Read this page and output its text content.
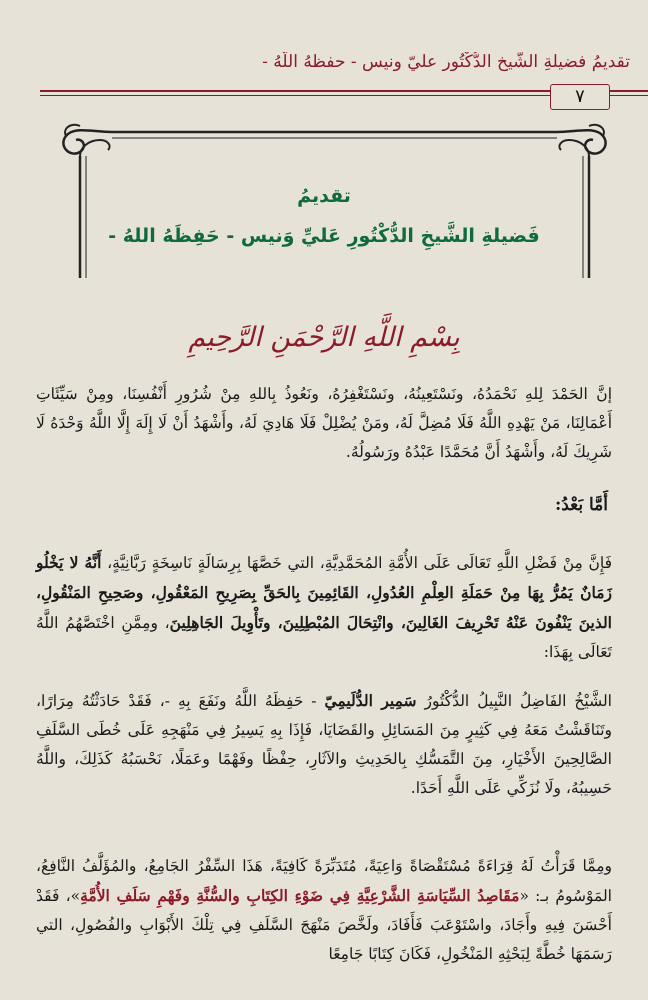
تقديمُ فضيلةِ الشَّيخ الدُّكْتُور عليّ ونيس - حفظهُ اللّهُ -
٧
تقديمُ
فَضيلةِ الشَّيخِ الدُّكْتُورِ عَليِّ وَنيس - حَفِظَهُ اللهُ -
بِسْمِ اللَّهِ الرَّحْمَنِ الرَّحِيمِ
إنَّ الحَمْدَ لِلهِ نَحْمَدُهُ، ونَسْتَعِينُهُ، ونَسْتَغْفِرُهُ، ونَعُوذُ بِاللهِ مِنْ شُرُورِ أَنْفُسِنَا، ومِنْ سَيِّئَاتِ أَعْمَالِنَا، مَنْ يَهْدِهِ اللَّهُ فَلَا مُضِلَّ لَهُ، ومَنْ يُضْلِلْ فَلَا هَادِيَ لَهُ، وأَشْهَدُ أَنْ لَا إِلَهَ إِلَّا اللَّهُ وَحْدَهُ لَا شَرِيكَ لَهُ، وأَشْهَدُ أَنَّ مُحَمَّدًا عَبْدُهُ ورَسُولُهُ.
أَمَّا بَعْدُ:
فَإِنَّ مِنْ فَضْلِ اللَّهِ تَعَالَى عَلَى الأُمَّةِ المُحَمَّدِيَّةِ، التي خَصَّهَا بِرِسَالَةٍ نَاسِخَةٍ رَبَّانِيَّةٍ، أَنَّهُ لا يَخْلُو زَمَانٌ يَمُرُّ بِهَا مِنْ حَمَلَةِ العِلْمِ العُدُولِ، القَائِمِينَ بِالحَقِّ بِصَرِيحِ المَعْقُولِ، وصَحِيحِ المَنْقُولِ، الذينَ يَنْفُونَ عَنْهُ تَحْرِيفَ الغَالِينَ، وانْتِحَالَ المُبْطِلِينَ، وتَأْوِيلَ الجَاهِلِينَ، ومِمَّنِ اخْتَصَّهُمُ اللَّهُ تَعَالَى بِهَذَا:
الشَّيْخُ الفَاضِلُ النَّبِيلُ الدُّكْتُورُ سَمِير الدُّلَيمِيّ - حَفِظَهُ اللَّهُ ونَفَعَ بِهِ -، فَقَدْ حَادَثْتُهُ مِرَارًا، وتَنَاقَشْتُ مَعَهُ فِي كَثِيرٍ مِنَ المَسَائِلِ والقَضَايَا، فَإِذَا بِهِ يَسِيرُ فِي مَنْهَجِهِ عَلَى خُطَى السَّلَفِ الصَّالِحِينَ الأَخْيَارِ، مِنَ التَّمَسُّكِ بِالحَدِيثِ والآثَارِ، حِفْظًا وفَهْمًا وعَمَلًا، نَحْسَبُهُ كَذَلِكَ، واللَّهُ حَسِيبُهُ، ولَا نُزَكِّي عَلَى اللَّهِ أَحَدًا.
ومِمَّا قَرَأْتُ لَهُ قِرَاءَةً مُسْتَقْصَاةً وَاعِيَةً، مُتَدَبِّرَةً كَافِيَةً، هَذَا السِّفْرُ الجَامِعُ، والمُؤَلَّفُ النَّافِعُ، المَوْسُومُ بـ: «مَقَاصِدُ السِّيَاسَةِ الشَّرْعِيَّةِ فِي ضَوْءِ الكِتَابِ والسُّنَّةِ وفَهْمِ سَلَفِ الأُمَّةِ»، فَقَدْ أَحْسَنَ فِيهِ وأَجَادَ، واسْتَوْعَبَ فَأَفَادَ، ولَخَّصَ مَنْهَجَ السَّلَفِ فِي تِلْكَ الأَبْوَابِ والفُصُولِ، التي رَسَمَهَا خُطَّةً لِبَحْثِهِ المَنْخُولِ، فَكَانَ كِتَابًا جَامِعًا
